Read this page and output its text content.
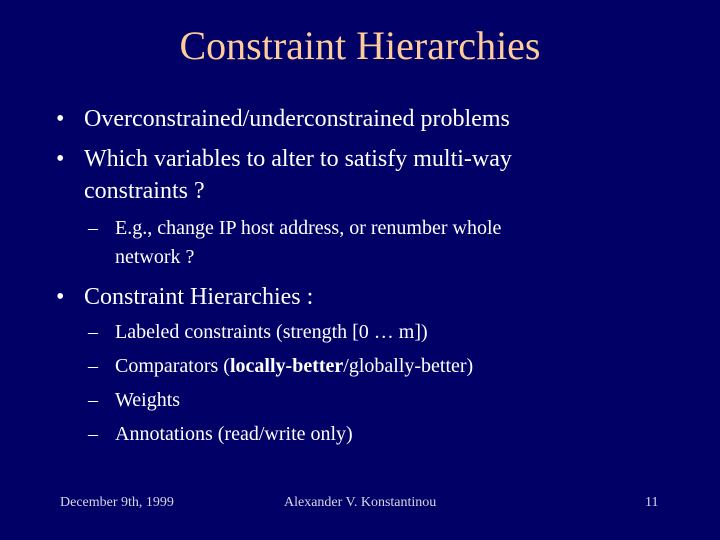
Constraint Hierarchies
• Overconstrained/underconstrained problems
• Which variables to alter to satisfy multi-way
constraints ?
– E.g., change IP host address, or renumber whole
network ?
• Constraint Hierarchies :
– Labeled constraints (strength [0 … m])
– Comparators (locally-better/globally-better)
– Weights
– Annotations (read/write only)
December 9th, 1999	Alexander V. Konstantinou	11
